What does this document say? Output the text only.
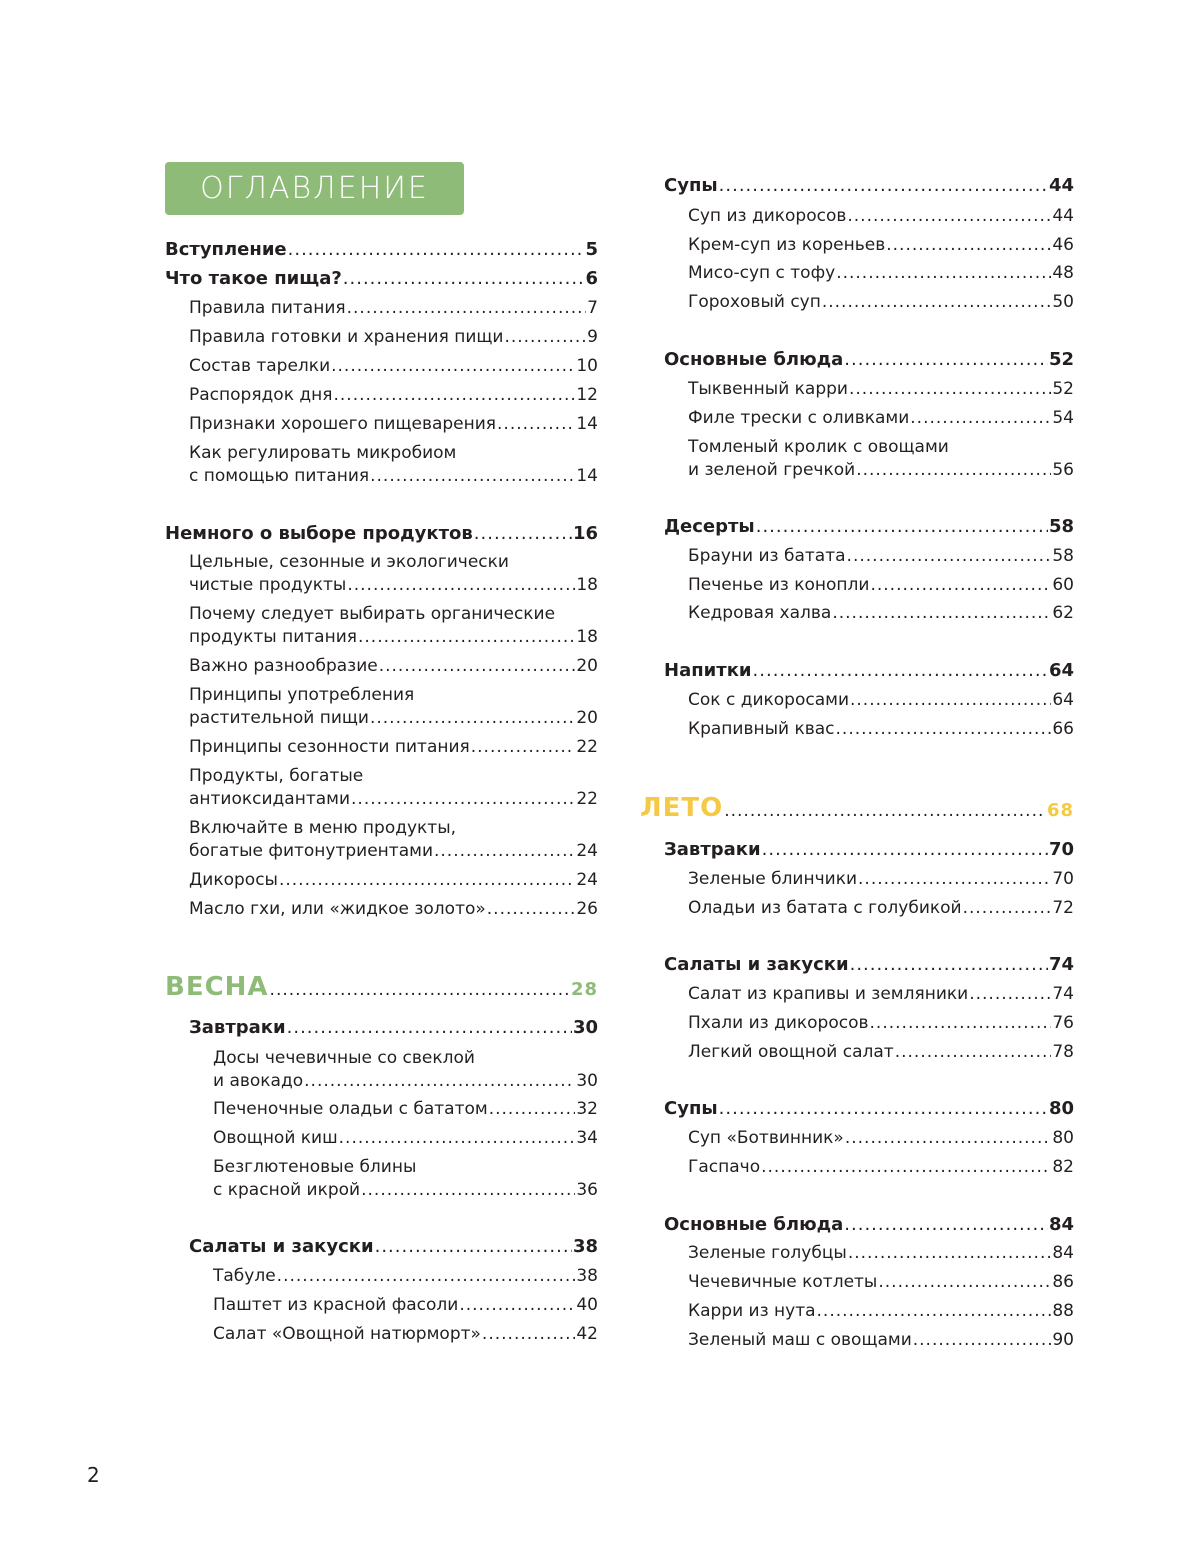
ОГЛАВЛЕНИЕ
Вступление .....	5
Что такое пища? .....	6
Правила питания .....	7
Правила готовки и хранения пищи .....	9
Состав тарелки .....	10
Распорядок дня .....	12
Признаки хорошего пищеварения .....	14
Как регулировать микробиом
с помощью питания .....	14
Немного о выборе продуктов .....	16
Цельные, сезонные и экологически
чистые продукты .....	18
Почему следует выбирать органические
продукты питания .....	18
Важно разнообразие .....	20
Принципы употребления
растительной пищи .....	20
Принципы сезонности питания .....	22
Продукты, богатые
антиоксидантами .....	22
Включайте в меню продукты,
богатые фитонутриентами .....	24
Дикоросы .....	24
Масло гхи, или «жидкое золото» .....	26
ВЕСНА .....	28
Завтраки .....	30
Досы чечевичные со свеклой
и авокадо .....	30
Печеночные оладьи с бататом .....	32
Овощной киш .....	34
Безглютеновые блины
с красной икрой .....	36
Салаты и закуски .....	38
Табуле .....	38
Паштет из красной фасоли .....	40
Салат «Овощной натюрморт» .....	42
Супы .....	44
Суп из дикоросов .....	44
Крем-суп из кореньев .....	46
Мисо-суп с тофу .....	48
Гороховый суп .....	50
Основные блюда .....	52
Тыквенный карри .....	52
Филе трески с оливками .....	54
Томленый кролик с овощами
и зеленой гречкой .....	56
Десерты .....	58
Брауни из батата .....	58
Печенье из конопли .....	60
Кедровая халва .....	62
Напитки .....	64
Сок с дикоросами .....	64
Крапивный квас .....	66
ЛЕТО .....	68
Завтраки .....	70
Зеленые блинчики .....	70
Оладьи из батата с голубикой .....	72
Салаты и закуски .....	74
Салат из крапивы и земляники .....	74
Пхали из дикоросов .....	76
Легкий овощной салат .....	78
Супы .....	80
Суп «Ботвинник» .....	80
Гаспачо .....	82
Основные блюда .....	84
Зеленые голубцы .....	84
Чечевичные котлеты .....	86
Карри из нута .....	88
Зеленый маш с овощами .....	90
2
